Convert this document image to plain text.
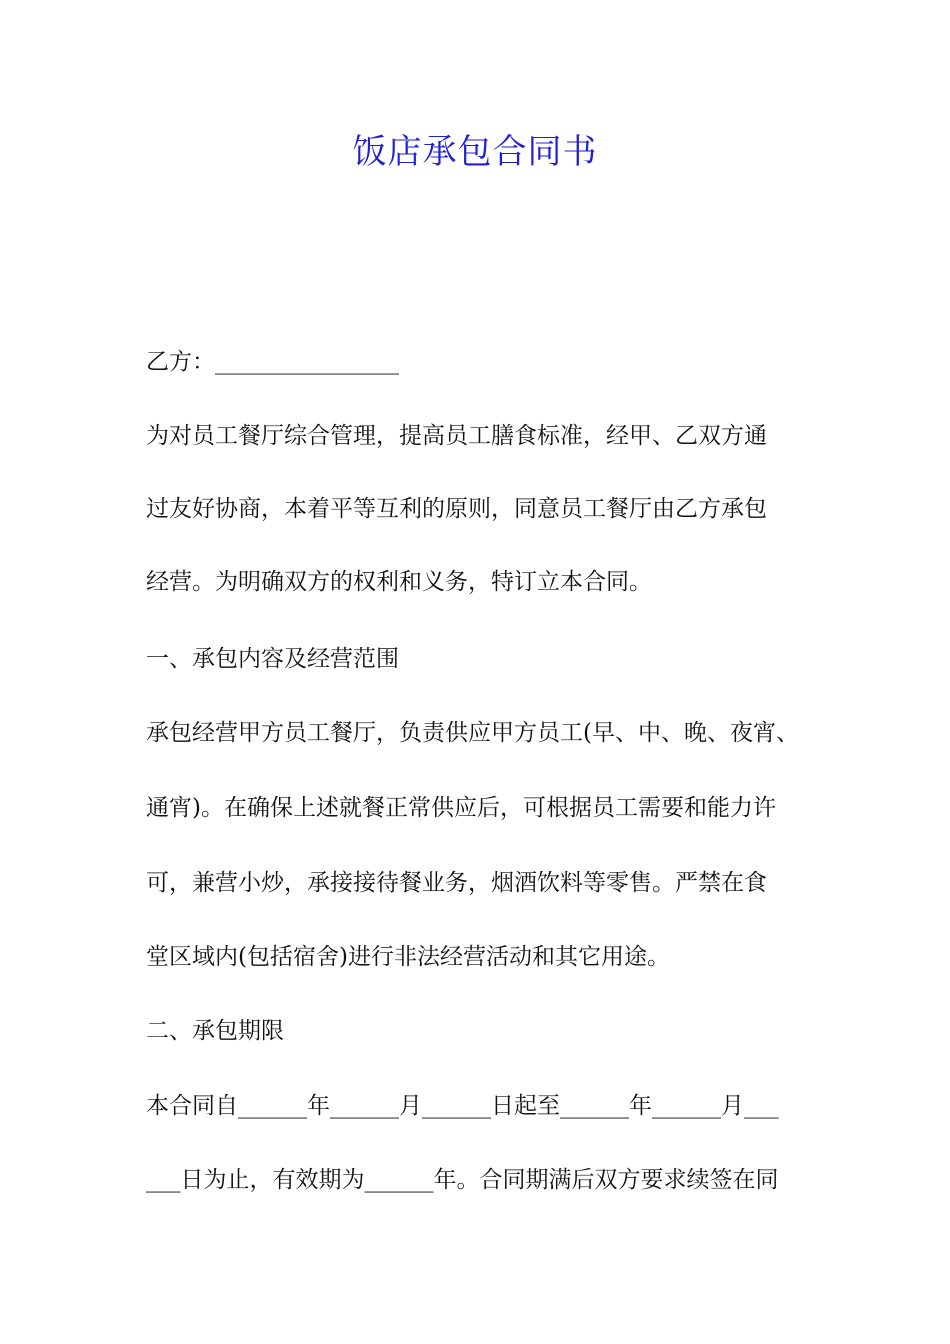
饭店承包合同书

乙方：________________

为对员工餐厅综合管理，提高员工膳食标准，经甲、乙双方通

过友好协商，本着平等互利的原则，同意员工餐厅由乙方承包

经营。为明确双方的权利和义务，特订立本合同。

一、承包内容及经营范围

承包经营甲方员工餐厅，负责供应甲方员工(早、中、晚、夜宵、

通宵)。在确保上述就餐正常供应后，可根据员工需要和能力许

可，兼营小炒，承接接待餐业务，烟酒饮料等零售。严禁在食

堂区域内(包括宿舍)进行非法经营活动和其它用途。

二、承包期限

本合同自______年______月______日起至______年______月___

___日为止，有效期为______年。合同期满后双方要求续签在同
